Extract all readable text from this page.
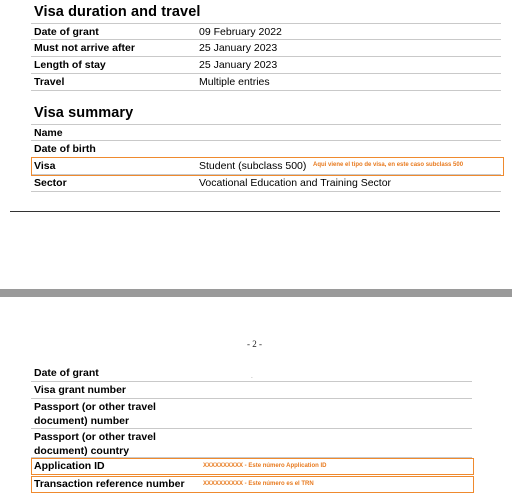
Visa duration and travel
Date of grant	09 February 2022
Must not arrive after	25 January 2023
Length of stay	25 January 2023
Travel	Multiple entries
Visa summary
Name
Date of birth
Visa	Student (subclass 500) Aqui viene el tipo de visa, en este caso subclass 500
Sector	Vocational Education and Training Sector
- 2 -
-
Date of grant
Visa grant number
Passport (or other travel document) number
Passport (or other travel document) country
Application ID	XXXXXXXXXX - Este número Application ID
Transaction reference number	XXXXXXXXXX - Este número es el TRN
